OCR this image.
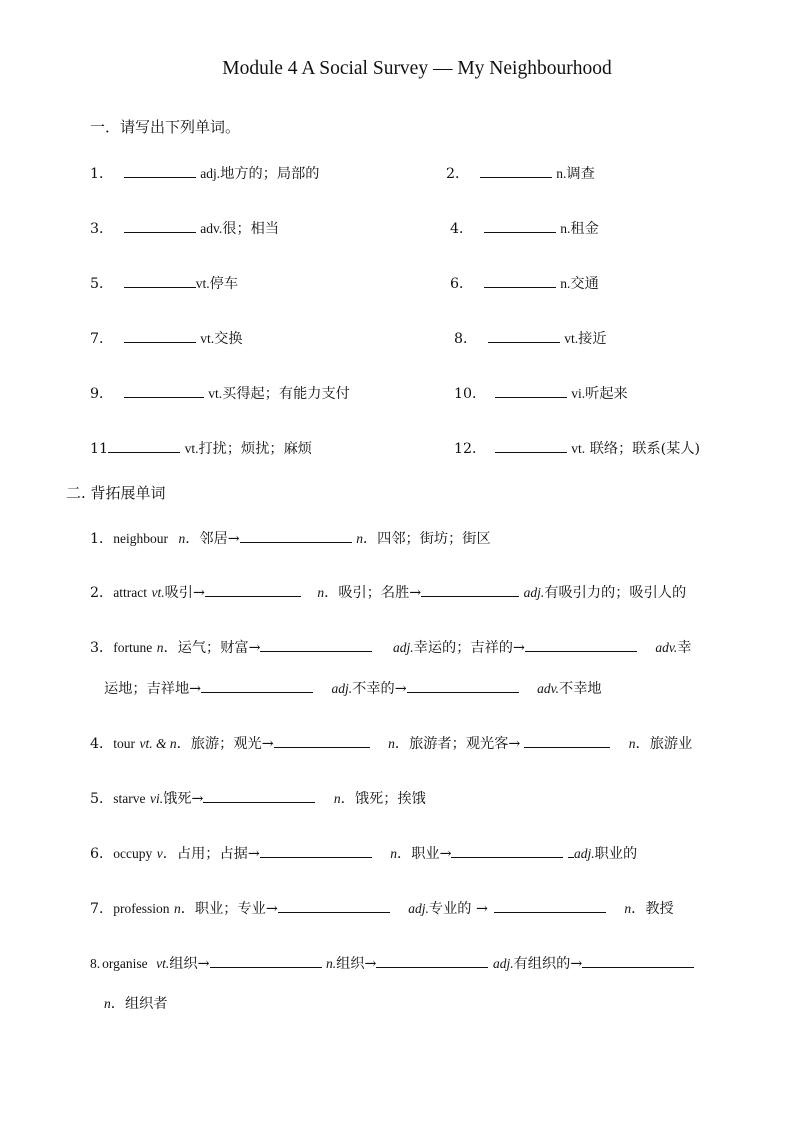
Module 4 A Social Survey — My Neighbourhood
一．请写出下列单词。
1．	adj.地方的；局部的	2．	n.调查
3．	adv.很；相当	4．	n.租金
5．	vt.停车	6．	n.交通
7．	vt.交换	8．	vt.接近
9．	vt.买得起；有能力支付	10．	vi.听起来
11	vt.打扰；烦扰；麻烦	12．	vt. 联络；联系(某人)
二. 背拓展单词
1．neighbour n．邻居→	n．四邻；街坊；街区
2．attract vt.吸引→	n．吸引；名胜→	adj.有吸引力的；吸引人的
3．fortune n．运气；财富→	adj.幸运的；吉祥的→	adv.幸
运地；吉祥地→	adj.不幸的→	adv.不幸地
4．tour vt. & n．旅游；观光→	n．旅游者；观光客→	n．旅游业
5．starve vi.饿死→	n．饿死；挨饿
6．occupy v．占用；占据→	n．职业→	adj.职业的
7．profession n．职业；专业→	adj.专业的 →	n．教授
8. organise vt.组织→	n.组织→	adj.有组织的→
n．组织者
